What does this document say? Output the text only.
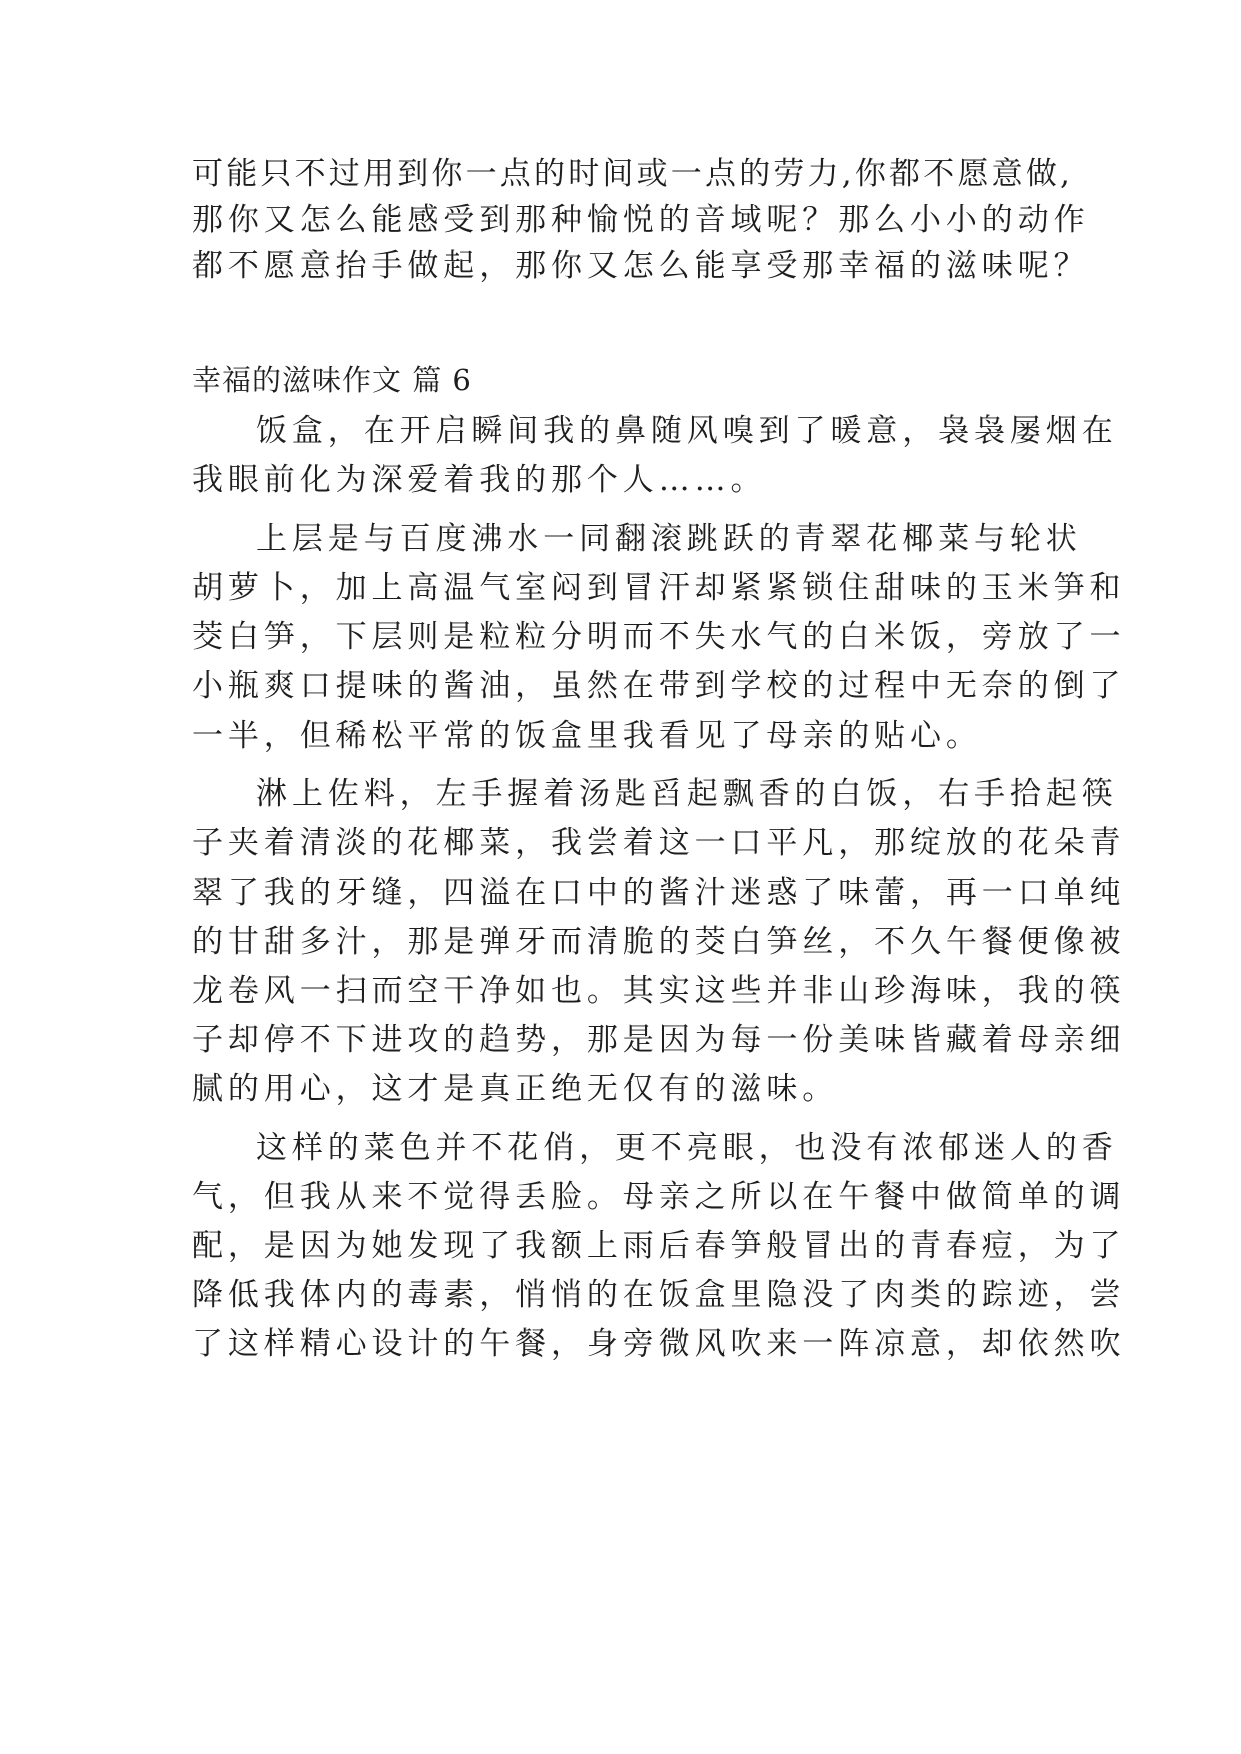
可能只不过用到你一点的时间或一点的劳力,你都不愿意做,
那你又怎么能感受到那种愉悦的音域呢？那么小小的动作
都不愿意抬手做起，那你又怎么能享受那幸福的滋味呢？
幸福的滋味作文 篇 6
饭盒，在开启瞬间我的鼻随风嗅到了暖意，袅袅屡烟在
我眼前化为深爱着我的那个人……。
上层是与百度沸水一同翻滚跳跃的青翠花椰菜与轮状
胡萝卜，加上高温气室闷到冒汗却紧紧锁住甜味的玉米笋和
茭白笋，下层则是粒粒分明而不失水气的白米饭，旁放了一
小瓶爽口提味的酱油，虽然在带到学校的过程中无奈的倒了
一半，但稀松平常的饭盒里我看见了母亲的贴心。
淋上佐料，左手握着汤匙舀起飘香的白饭，右手拾起筷
子夹着清淡的花椰菜，我尝着这一口平凡，那绽放的花朵青
翠了我的牙缝，四溢在口中的酱汁迷惑了味蕾，再一口单纯
的甘甜多汁，那是弹牙而清脆的茭白笋丝，不久午餐便像被
龙卷风一扫而空干净如也。其实这些并非山珍海味，我的筷
子却停不下进攻的趋势，那是因为每一份美味皆藏着母亲细
腻的用心，这才是真正绝无仅有的滋味。
这样的菜色并不花俏，更不亮眼，也没有浓郁迷人的香
气，但我从来不觉得丢脸。母亲之所以在午餐中做简单的调
配，是因为她发现了我额上雨后春笋般冒出的青春痘，为了
降低我体内的毒素，悄悄的在饭盒里隐没了肉类的踪迹，尝
了这样精心设计的午餐，身旁微风吹来一阵凉意，却依然吹
